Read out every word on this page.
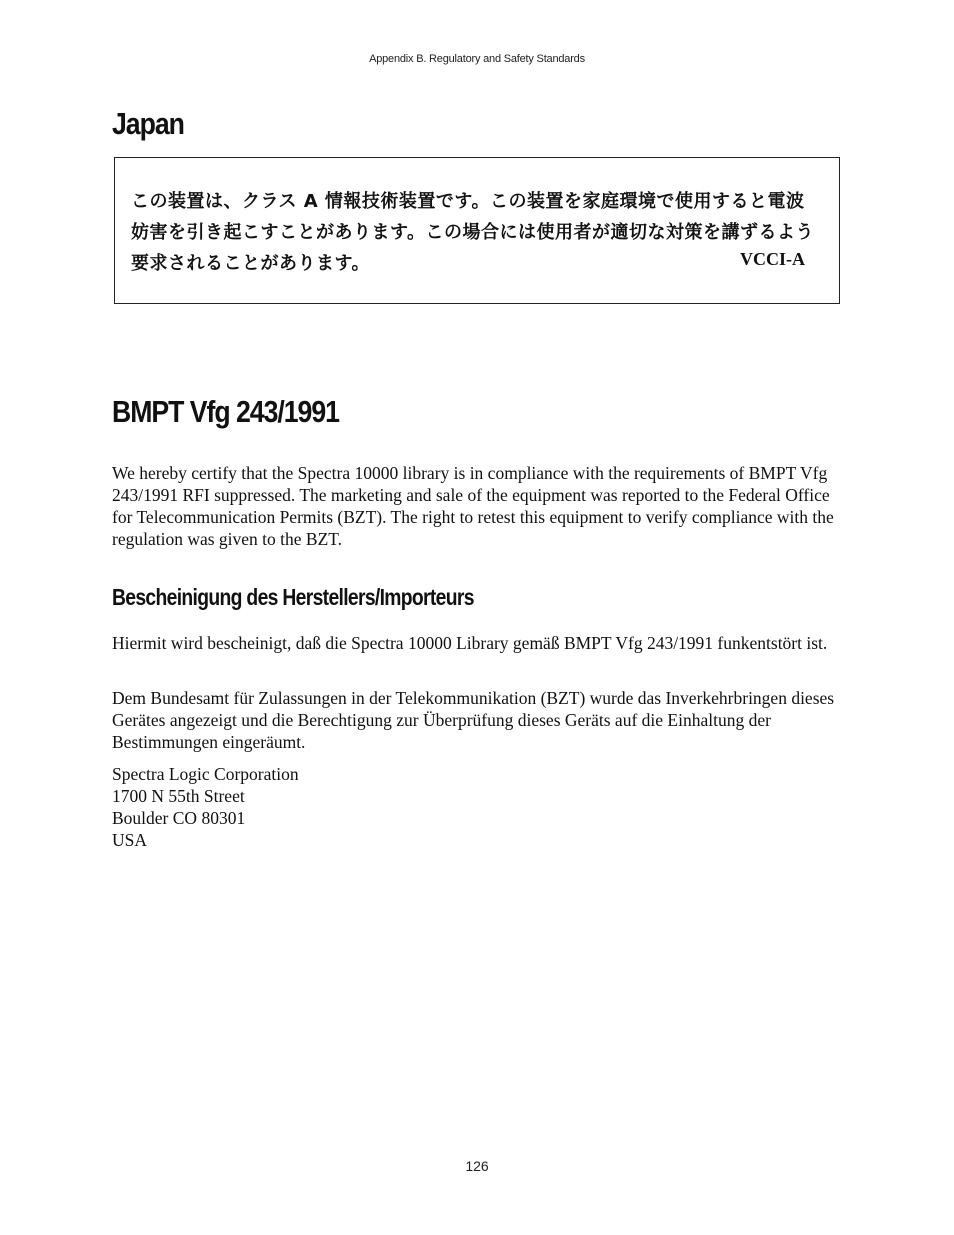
Appendix B. Regulatory and Safety Standards
Japan
この装置は、クラス A 情報技術装置です。この装置を家庭環境で使用すると電波妨害を引き起こすことがあります。この場合には使用者が適切な対策を講ずるよう要求されることがあります。	VCCI-A
BMPT Vfg 243/1991

We hereby certify that the Spectra 10000 library is in compliance with the requirements of BMPT Vfg 243/1991 RFI suppressed. The marketing and sale of the equipment was reported to the Federal Office for Telecommunication Permits (BZT). The right to retest this equipment to verify compliance with the regulation was given to the BZT.

Bescheinigung des Herstellers/Importeurs

Hiermit wird bescheinigt, daß die Spectra 10000 Library gemäß BMPT Vfg 243/1991 funkentstört ist.

Dem Bundesamt für Zulassungen in der Telekommunikation (BZT) wurde das Inverkehrbringen dieses Gerätes angezeigt und die Berechtigung zur Überprüfung dieses Geräts auf die Einhaltung der Bestimmungen eingeräumt.

Spectra Logic Corporation
1700 N 55th Street
Boulder CO 80301
USA
126
